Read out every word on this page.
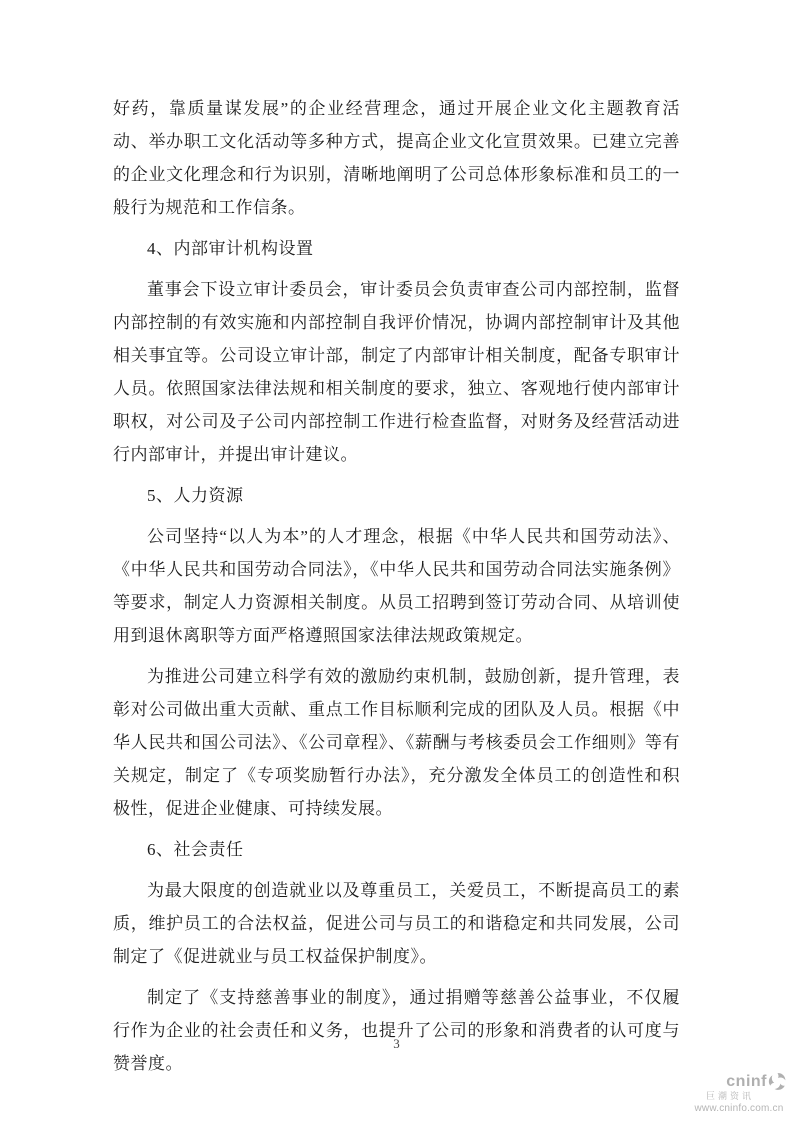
好药，靠质量谋发展”的企业经营理念，通过开展企业文化主题教育活动、举办职工文化活动等多种方式，提高企业文化宣贯效果。已建立完善的企业文化理念和行为识别，清晰地阐明了公司总体形象标准和员工的一般行为规范和工作信条。

4、内部审计机构设置

董事会下设立审计委员会，审计委员会负责审查公司内部控制，监督内部控制的有效实施和内部控制自我评价情况，协调内部控制审计及其他相关事宜等。公司设立审计部，制定了内部审计相关制度，配备专职审计人员。依照国家法律法规和相关制度的要求，独立、客观地行使内部审计职权，对公司及子公司内部控制工作进行检查监督，对财务及经营活动进行内部审计，并提出审计建议。

5、人力资源

公司坚持“以人为本”的人才理念，根据《中华人民共和国劳动法》、《中华人民共和国劳动合同法》，《中华人民共和国劳动合同法实施条例》等要求，制定人力资源相关制度。从员工招聘到签订劳动合同、从培训使用到退休离职等方面严格遵照国家法律法规政策规定。

为推进公司建立科学有效的激励约束机制，鼓励创新，提升管理，表彰对公司做出重大贡献、重点工作目标顺利完成的团队及人员。根据《中华人民共和国公司法》、《公司章程》、《薪酬与考核委员会工作细则》等有关规定，制定了《专项奖励暂行办法》，充分激发全体员工的创造性和积极性，促进企业健康、可持续发展。

6、社会责任

为最大限度的创造就业以及尊重员工，关爱员工，不断提高员工的素质，维护员工的合法权益，促进公司与员工的和谐稳定和共同发展，公司制定了《促进就业与员工权益保护制度》。

制定了《支持慈善事业的制度》，通过捐赠等慈善公益事业，不仅履行作为企业的社会责任和义务，也提升了公司的形象和消费者的认可度与赞誉度。

3
cninf
巨潮资讯
www.cninfo.com.cn
